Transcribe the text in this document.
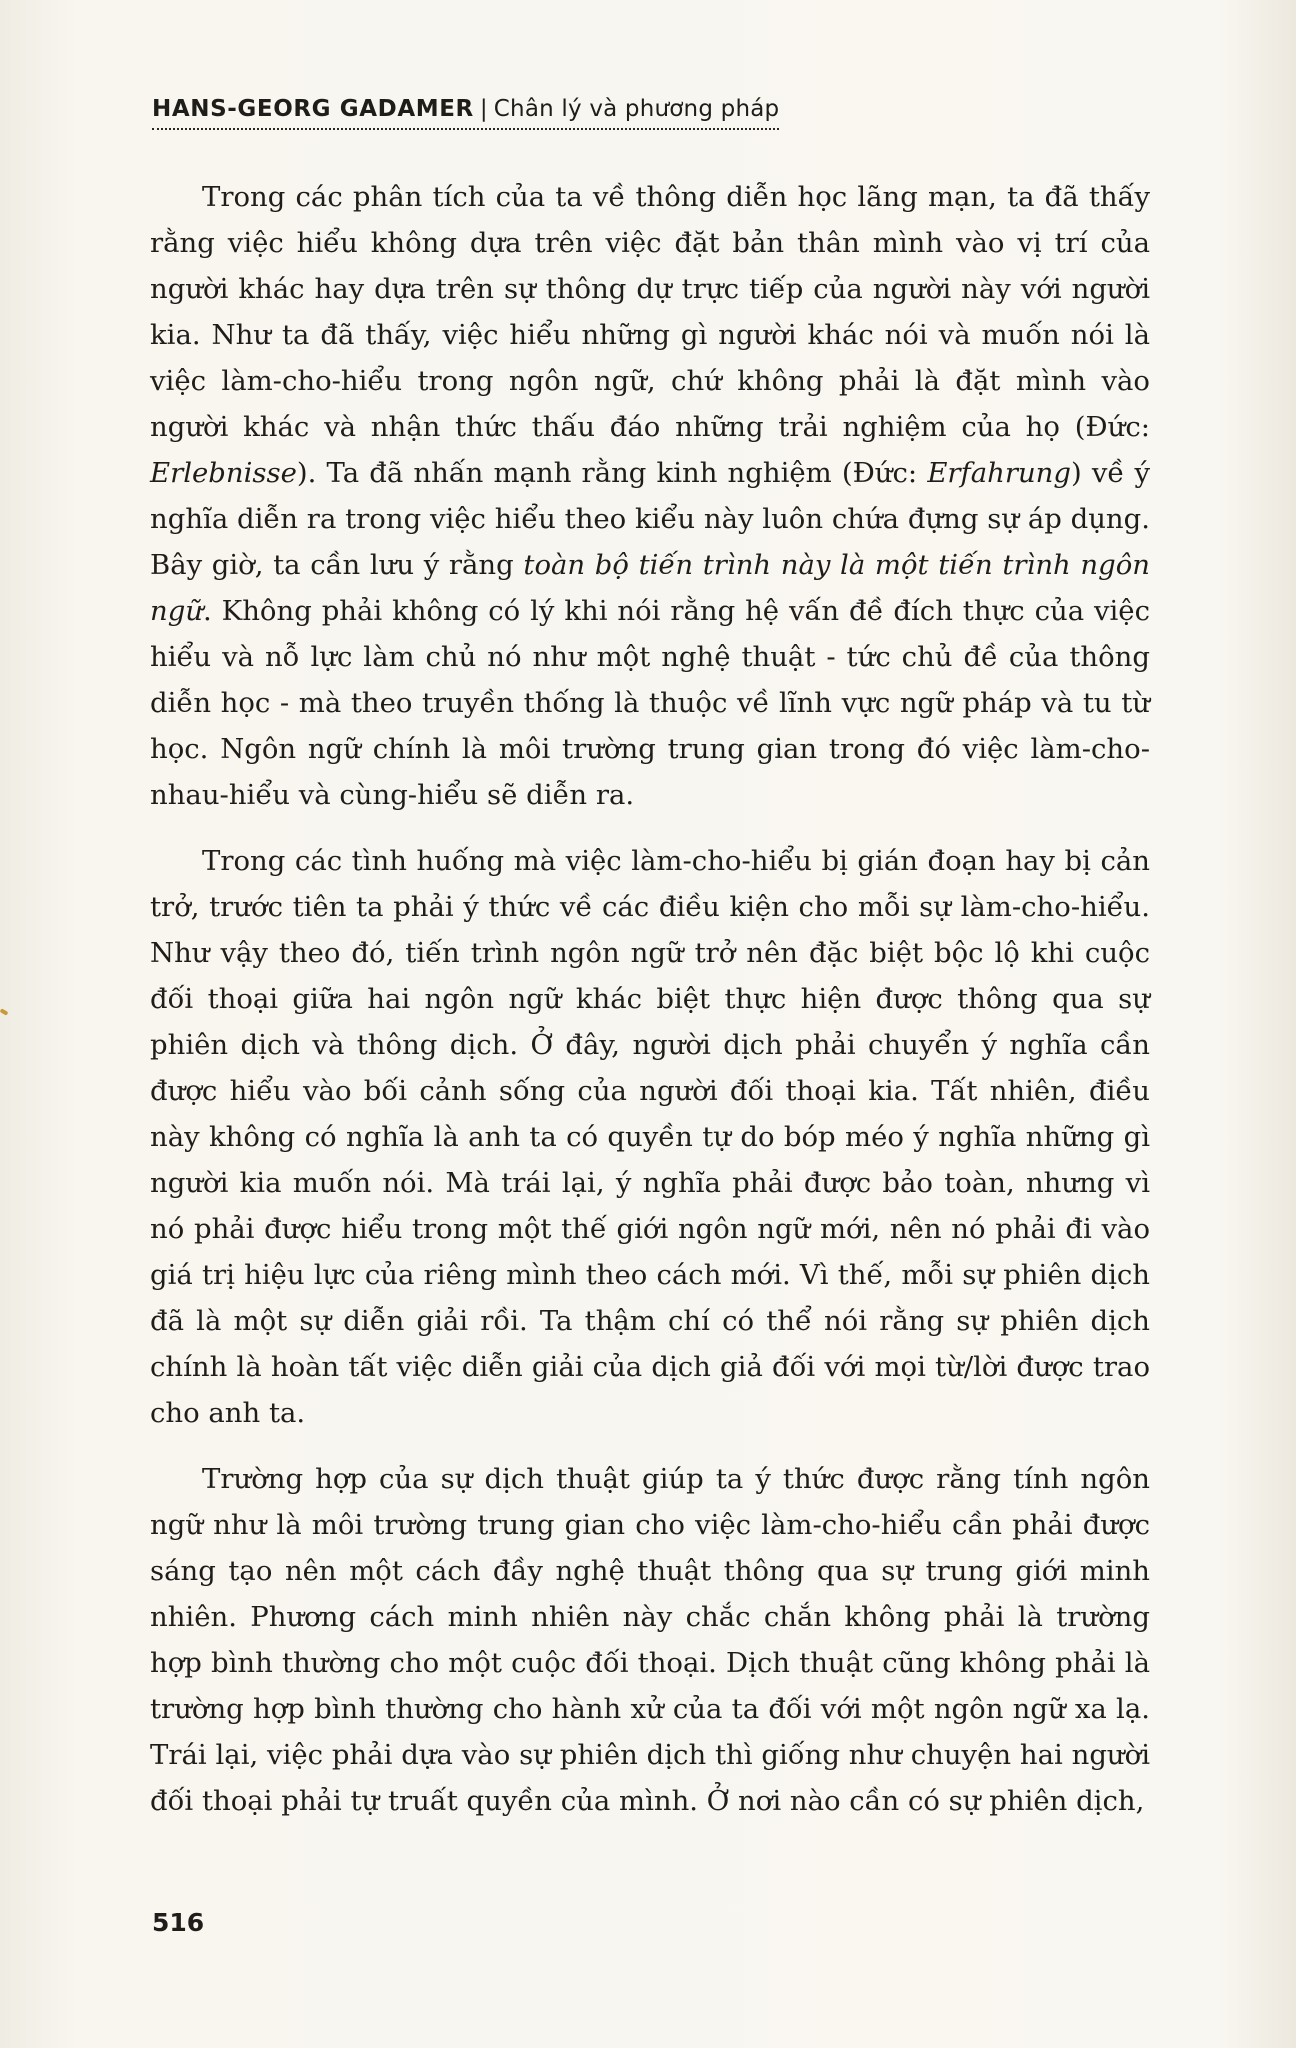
HANS-GEORG GADAMER | Chân lý và phương pháp

Trong các phân tích của ta về thông diễn học lãng mạn, ta đã thấy rằng việc hiểu không dựa trên việc đặt bản thân mình vào vị trí của người khác hay dựa trên sự thông dự trực tiếp của người này với người kia. Như ta đã thấy, việc hiểu những gì người khác nói và muốn nói là việc làm-cho-hiểu trong ngôn ngữ, chứ không phải là đặt mình vào người khác và nhận thức thấu đáo những trải nghiệm của họ (Đức: Erlebnisse). Ta đã nhấn mạnh rằng kinh nghiệm (Đức: Erfahrung) về ý nghĩa diễn ra trong việc hiểu theo kiểu này luôn chứa đựng sự áp dụng. Bây giờ, ta cần lưu ý rằng toàn bộ tiến trình này là một tiến trình ngôn ngữ. Không phải không có lý khi nói rằng hệ vấn đề đích thực của việc hiểu và nỗ lực làm chủ nó như một nghệ thuật - tức chủ đề của thông diễn học - mà theo truyền thống là thuộc về lĩnh vực ngữ pháp và tu từ học. Ngôn ngữ chính là môi trường trung gian trong đó việc làm-cho-nhau-hiểu và cùng-hiểu sẽ diễn ra.

Trong các tình huống mà việc làm-cho-hiểu bị gián đoạn hay bị cản trở, trước tiên ta phải ý thức về các điều kiện cho mỗi sự làm-cho-hiểu. Như vậy theo đó, tiến trình ngôn ngữ trở nên đặc biệt bộc lộ khi cuộc đối thoại giữa hai ngôn ngữ khác biệt thực hiện được thông qua sự phiên dịch và thông dịch. Ở đây, người dịch phải chuyển ý nghĩa cần được hiểu vào bối cảnh sống của người đối thoại kia. Tất nhiên, điều này không có nghĩa là anh ta có quyền tự do bóp méo ý nghĩa những gì người kia muốn nói. Mà trái lại, ý nghĩa phải được bảo toàn, nhưng vì nó phải được hiểu trong một thế giới ngôn ngữ mới, nên nó phải đi vào giá trị hiệu lực của riêng mình theo cách mới. Vì thế, mỗi sự phiên dịch đã là một sự diễn giải rồi. Ta thậm chí có thể nói rằng sự phiên dịch chính là hoàn tất việc diễn giải của dịch giả đối với mọi từ/lời được trao cho anh ta.

Trường hợp của sự dịch thuật giúp ta ý thức được rằng tính ngôn ngữ như là môi trường trung gian cho việc làm-cho-hiểu cần phải được sáng tạo nên một cách đầy nghệ thuật thông qua sự trung giới minh nhiên. Phương cách minh nhiên này chắc chắn không phải là trường hợp bình thường cho một cuộc đối thoại. Dịch thuật cũng không phải là trường hợp bình thường cho hành xử của ta đối với một ngôn ngữ xa lạ. Trái lại, việc phải dựa vào sự phiên dịch thì giống như chuyện hai người đối thoại phải tự truất quyền của mình. Ở nơi nào cần có sự phiên dịch,

516
